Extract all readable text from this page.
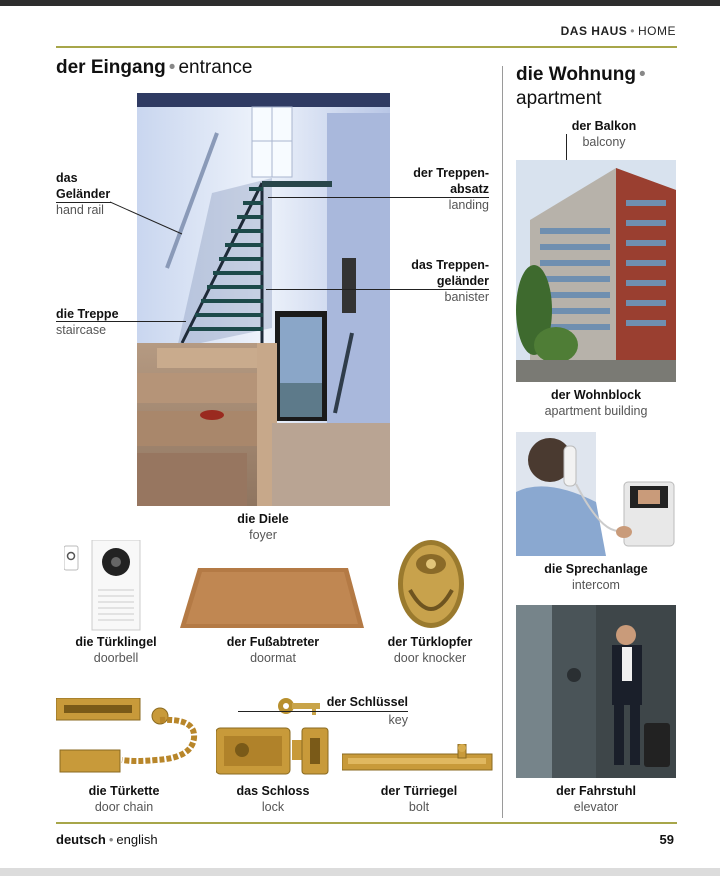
DAS HAUS • HOME
der Eingang • entrance	die Wohnung •
apartment
das
Geländer
hand rail
der Treppen-
absatz
landing
das Treppen-
geländer
banister
die Treppe
staircase
die Diele
foyer
die Türklingel
doorbell
der Fußabtreter
doormat
der Türklopfer
door knocker
der Schlüssel
key
die Türkette
door chain
das Schloss
lock
der Türriegel
bolt
der Balkon
balcony
der Wohnblock
apartment building
die Sprechanlage
intercom
der Fahrstuhl
elevator
deutsch • english	59
